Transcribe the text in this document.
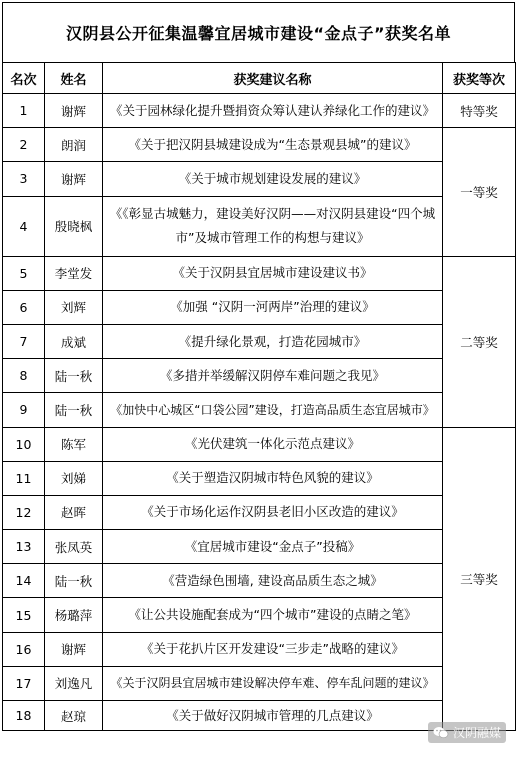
汉阴县公开征集温馨宜居城市建设“金点子”获奖名单
名次	姓名	获奖建议名称	获奖等次
1	谢辉	《关于园林绿化提升暨捐资众筹认建认养绿化工作的建议》	特等奖
2	朗润	《关于把汉阴县城建设成为“生态景观县城”的建议》	一等奖
3	谢辉	《关于城市规划建设发展的建议》	
4	殷晓枫	《《彰显古城魅力，建设美好汉阴——对汉阴县建设“四个城市”及城市管理工作的构想与建议》	
5	李堂发	《关于汉阴县宜居城市建设建议书》	二等奖
6	刘辉	《加强 “汉阴一河两岸”治理的建议》	
7	成斌	《提升绿化景观，打造花园城市》	
8	陆一秋	《多措并举缓解汉阴停车难问题之我见》	
9	陆一秋	《加快中心城区“口袋公园”建设，打造高品质生态宜居城市》	
10	陈军	《光伏建筑一体化示范点建议》	三等奖
11	刘娣	《关于塑造汉阴城市特色风貌的建议》	
12	赵晖	《关于市场化运作汉阴县老旧小区改造的建议》	
13	张凤英	《宜居城市建设“金点子”投稿》	
14	陆一秋	《营造绿色围墙, 建设高品质生态之城》	
15	杨璐萍	《让公共设施配套成为“四个城市”建设的点睛之笔》	
16	谢辉	《关于花扒片区开发建设“三步走”战略的建议》	
17	刘逸凡	《关于汉阴县宜居城市建设解决停车难、停车乱问题的建议》	
18	赵琼	《关于做好汉阴城市管理的几点建议》	
汉阴融媒
